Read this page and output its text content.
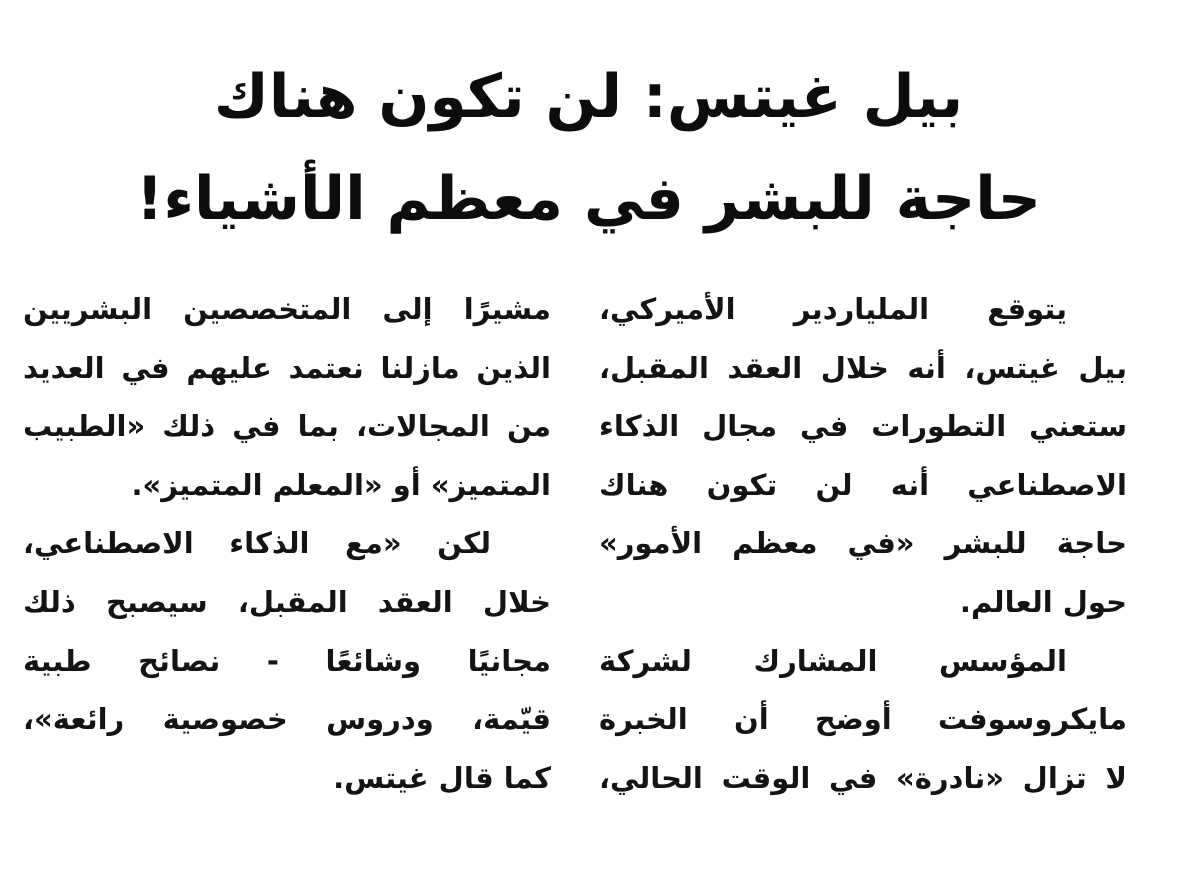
بيل غيتس: لن تكون هناك
حاجة للبشر في معظم الأشياء!

يتوقع الملياردير الأميركي،
بيل غيتس، أنه خلال العقد المقبل،
ستعني التطورات في مجال الذكاء
الاصطناعي أنه لن تكون هناك
حاجة للبشر «في معظم الأمور»
حول العالم.

المؤسس المشارك لشركة
مايكروسوفت أوضح أن الخبرة
لا تزال «نادرة» في الوقت الحالي،

مشيرًا إلى المتخصصين البشريين
الذين مازلنا نعتمد عليهم في العديد
من المجالات، بما في ذلك «الطبيب
المتميز» أو «المعلم المتميز».

لكن «مع الذكاء الاصطناعي،
خلال العقد المقبل، سيصبح ذلك
مجانيًا وشائعًا - نصائح طبية
قيّمة، ودروس خصوصية رائعة»،
كما قال غيتس.
